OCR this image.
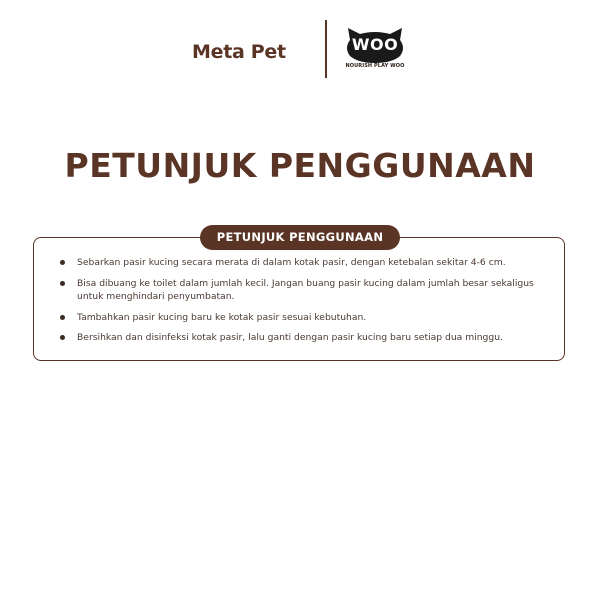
Meta Pet	WOO
NOURISH PLAY WOO
PETUNJUK PENGGUNAAN
PETUNJUK PENGGUNAAN
Sebarkan pasir kucing secara merata di dalam kotak pasir, dengan ketebalan sekitar 4-6 cm.
Bisa dibuang ke toilet dalam jumlah kecil. Jangan buang pasir kucing dalam jumlah besar sekaligus untuk menghindari penyumbatan.
Tambahkan pasir kucing baru ke kotak pasir sesuai kebutuhan.
Bersihkan dan disinfeksi kotak pasir, lalu ganti dengan pasir kucing baru setiap dua minggu.
